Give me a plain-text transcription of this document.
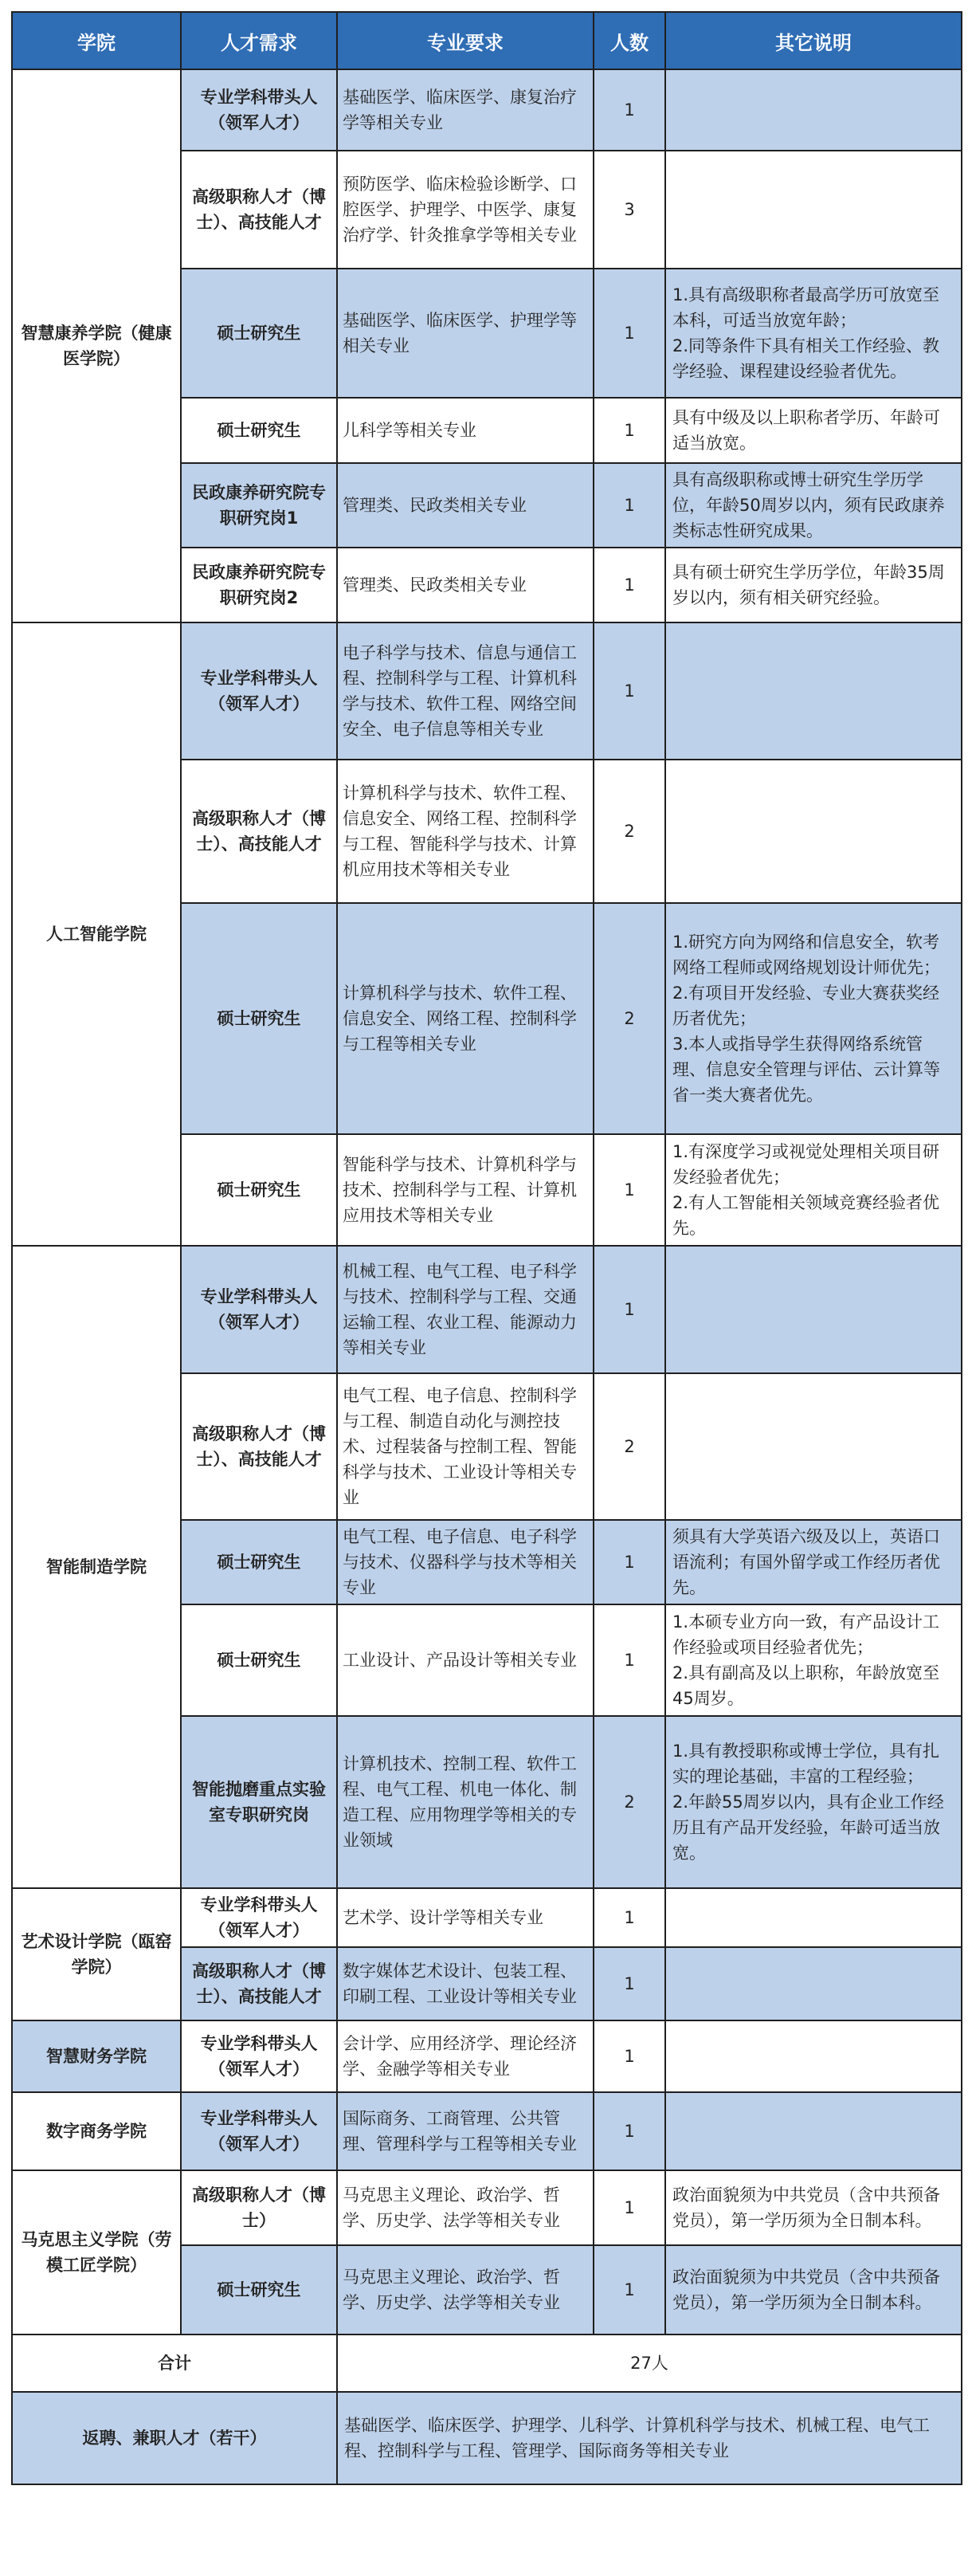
学院	人才需求	专业要求	人数	其它说明
智慧康养学院（健康医学院）	专业学科带头人（领军人才）	基础医学、临床医学、康复治疗学等相关专业	1	
	高级职称人才（博士）、高技能人才	预防医学、临床检验诊断学、口腔医学、护理学、中医学、康复治疗学、针灸推拿学等相关专业	3	
	硕士研究生	基础医学、临床医学、护理学等相关专业	1	1.具有高级职称者最高学历可放宽至本科，可适当放宽年龄；
2.同等条件下具有相关工作经验、教学经验、课程建设经验者优先。

	硕士研究生	儿科学等相关专业	1	具有中级及以上职称者学历、年龄可适当放宽。

	民政康养研究院专职研究岗1	管理类、民政类相关专业	1	具有高级职称或博士研究生学历学位，年龄50周岁以内，须有民政康养类标志性研究成果。

	民政康养研究院专职研究岗2	管理类、民政类相关专业	1	具有硕士研究生学历学位，年龄35周岁以内，须有相关研究经验。

人工智能学院	专业学科带头人（领军人才）	电子科学与技术、信息与通信工程、控制科学与工程、计算机科学与技术、软件工程、网络空间安全、电子信息等相关专业	1	
	高级职称人才（博士）、高技能人才	计算机科学与技术、软件工程、信息安全、网络工程、控制科学与工程、智能科学与技术、计算机应用技术等相关专业	2	
	硕士研究生	计算机科学与技术、软件工程、信息安全、网络工程、控制科学与工程等相关专业	2	1.研究方向为网络和信息安全，软考网络工程师或网络规划设计师优先；
2.有项目开发经验、专业大赛获奖经历者优先；
3.本人或指导学生获得网络系统管理、信息安全管理与评估、云计算等省一类大赛者优先。

	硕士研究生	智能科学与技术、计算机科学与技术、控制科学与工程、计算机应用技术等相关专业	1	1.有深度学习或视觉处理相关项目研发经验者优先；
2.有人工智能相关领域竞赛经验者优先。

智能制造学院	专业学科带头人（领军人才）	机械工程、电气工程、电子科学与技术、控制科学与工程、交通运输工程、农业工程、能源动力等相关专业	1	
	高级职称人才（博士）、高技能人才	电气工程、电子信息、控制科学与工程、制造自动化与测控技术、过程装备与控制工程、智能科学与技术、工业设计等相关专业	2	
	硕士研究生	电气工程、电子信息、电子科学与技术、仪器科学与技术等相关专业	1	须具有大学英语六级及以上，英语口语流利；有国外留学或工作经历者优先。

	硕士研究生	工业设计、产品设计等相关专业	1	1.本硕专业方向一致，有产品设计工作经验或项目经验者优先；
2.具有副高及以上职称，年龄放宽至45周岁。

	智能抛磨重点实验室专职研究岗	计算机技术、控制工程、软件工程、电气工程、机电一体化、制造工程、应用物理学等相关的专业领域	2	1.具有教授职称或博士学位，具有扎实的理论基础，丰富的工程经验；
2.年龄55周岁以内，具有企业工作经历且有产品开发经验，年龄可适当放宽。

艺术设计学院（瓯窑学院）	专业学科带头人（领军人才）	艺术学、设计学等相关专业	1	
	高级职称人才（博士）、高技能人才	数字媒体艺术设计、包装工程、印刷工程、工业设计等相关专业	1	
智慧财务学院	专业学科带头人（领军人才）	会计学、应用经济学、理论经济学、金融学等相关专业	1	
数字商务学院	专业学科带头人（领军人才）	国际商务、工商管理、公共管理、管理科学与工程等相关专业	1	
马克思主义学院（劳模工匠学院）	高级职称人才（博士）	马克思主义理论、政治学、哲学、历史学、法学等相关专业	1	政治面貌须为中共党员（含中共预备党员），第一学历须为全日制本科。

	硕士研究生	马克思主义理论、政治学、哲学、历史学、法学等相关专业	1	政治面貌须为中共党员（含中共预备党员），第一学历须为全日制本科。

合计		27人		
返聘、兼职人才（若干）		基础医学、临床医学、护理学、儿科学、计算机科学与技术、机械工程、电气工程、控制科学与工程、管理学、国际商务等相关专业		
